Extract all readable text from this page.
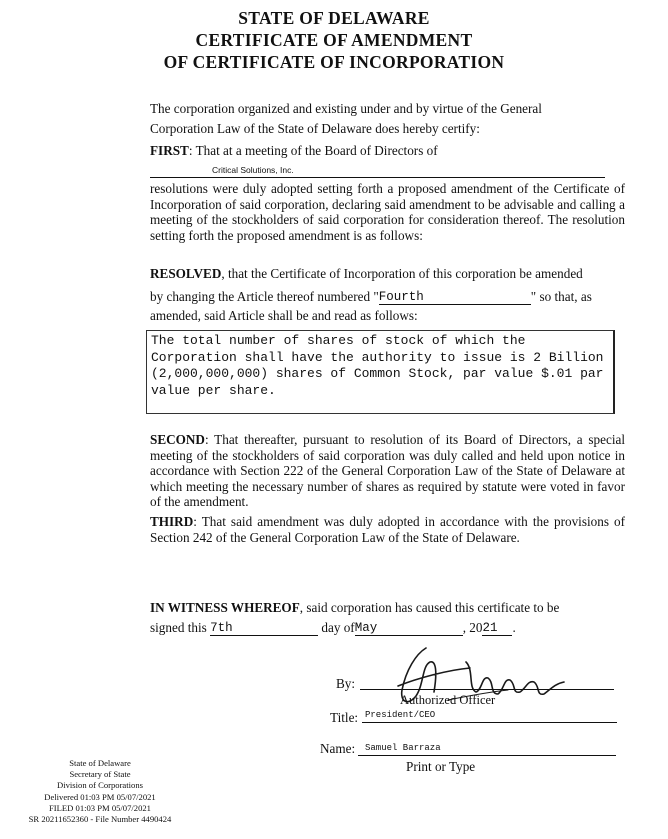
STATE OF DELAWARE
CERTIFICATE OF AMENDMENT
OF CERTIFICATE OF INCORPORATION
The corporation organized and existing under and by virtue of the General
Corporation Law of the State of Delaware does hereby certify:
FIRST: That at a meeting of the Board of Directors of
Critical Solutions, Inc.
resolutions were duly adopted setting forth a proposed amendment of the Certificate of Incorporation of said corporation, declaring said amendment to be advisable and calling a meeting of the stockholders of said corporation for consideration thereof. The resolution setting forth the proposed amendment is as follows:
RESOLVED, that the Certificate of Incorporation of this corporation be amended
by changing the Article thereof numbered "Fourth	" so that, as
amended, said Article shall be and read as follows:
The total number of shares of stock of which the Corporation shall have the authority to issue is 2 Billion (2,000,000,000) shares of Common Stock, par value $.01 par value per share.
SECOND: That thereafter, pursuant to resolution of its Board of Directors, a special meeting of the stockholders of said corporation was duly called and held upon notice in accordance with Section 222 of the General Corporation Law of the State of Delaware at which meeting the necessary number of shares as required by statute were voted in favor of the amendment.
THIRD: That said amendment was duly adopted in accordance with the provisions of Section 242 of the General Corporation Law of the State of Delaware.
IN WITNESS WHEREOF, said corporation has caused this certificate to be
signed this 7th	day ofMay	, 2021 .
By:
Authorized Officer
Title: President/CEO
Name: Samuel Barraza
Print or Type
State of Delaware
Secretary of State
Division of Corporations
Delivered 01:03 PM 05/07/2021
FILED 01:03 PM 05/07/2021
SR 20211652360 - File Number 4490424
